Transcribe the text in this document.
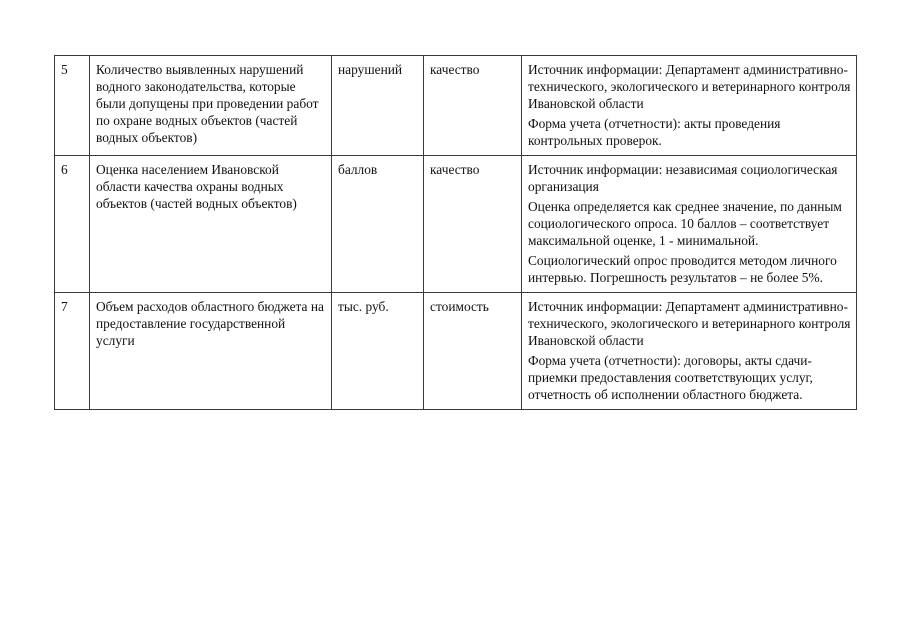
5	Количество выявленных нарушений водного законодательства, которые были допущены при проведении работ по охране водных объектов (частей водных объектов)	нарушений	качество	Источник информации: Департамент административно-технического, экологического и ветеринарного контроля Ивановской области
Форма учета (отчетности): акты проведения контрольных проверок.

6	Оценка населением Ивановской области качества охраны водных объектов (частей водных объектов)	баллов	качество	Источник информации: независимая социологическая организация
Оценка определяется как среднее значение, по данным социологического опроса. 10 баллов – соответствует максимальной оценке, 1 - минимальной.
Социологический опрос проводится методом личного интервью. Погрешность результатов – не более 5%.

7	Объем расходов областного бюджета на предоставление государственной услуги	тыс. руб.	стоимость	Источник информации: Департамент административно-технического, экологического и ветеринарного контроля Ивановской области
Форма учета (отчетности): договоры, акты сдачи-приемки предоставления соответствующих услуг, отчетность об исполнении областного бюджета.
